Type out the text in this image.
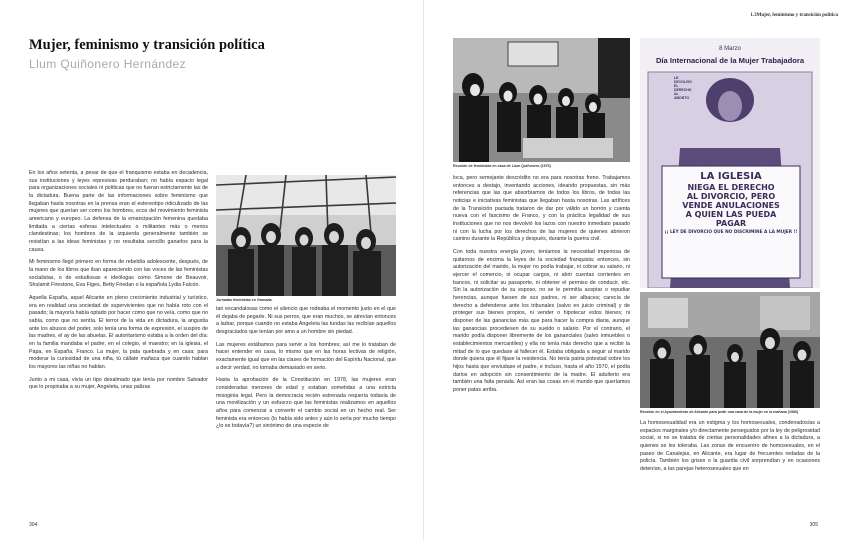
Mujer, feminismo y transición política
Llum Quiñonero Hernández

En los años setenta, a pesar de que el franquismo estaba en decadencia, sus instituciones y leyes represivas perduraban; no había espacio legal para organizaciones sociales ni políticas que no fueran estrictamente las de la dictadura. Buena parte de las informaciones sobre feminismo que llegaban hasta nosotras en la prensa eran el estereotipo ridiculizado de las mujeres que querían ser como los hombres, ecos del movimiento feminista americano y europeo. La defensa de la emancipación femenina quedaba limitada a ciertas esferas intelectuales o militantes más o menos clandestinas; los hombres de la izquierda generalmente también se resistían a las ideas feministas y no resultaba sencillo ganarlos para la causa.

Mi feminismo llegó primero en forma de rebeldía adolescente, después, de la mano de los libros que iban apareciendo con las voces de las feministas socialistas, o de estudiosas e ideólogas como Simone de Beauvoir, Shulamit Firestone, Eva Figes, Betty Friedan o la española Lydia Falcón.

Aquella España, aquel Alicante en pleno crecimiento industrial y turístico, era en realidad una sociedad de supervivientes que no había roto con el pasado; la mayoría había optado por hacer como que no veía, como que no sabía, como que no sentía. El terror de la vida en dictadura, la angustia ante los abusos del poder, solo tenía una forma de expresión, el suspiro de las madres, el ay de las abuelas. El autoritarismo estaba a la orden del día: en la familia mandaba el padre; en el colegio, el maestro; en la iglesia, el Papa, en España, Franco. La mujer, la pata quebrada y en casa; para moderar la curiosidad de una niña, tú cállate mañaca que cuando hablan los mayores las niñas no hablan.

Junto a mi casa, vivía un tipo desalmado que tenía por nombre Salvador que lo propinaba a su mujer, Angeleta, unas palizas

Jornadas feministas en Granada.

tan escandalosas como el silencio que rodeaba el momento justo en el que él dejaba de pegarle. Ni sus perros, que eran muchos, se atrevían entonces a ladrar, porque cuando no estaba Angeleta las tundas las recibían aquellos desgraciados que tenían por amo a un hombre sin piedad.

Las mujeres estábamos para servir a los hombres; así me lo trataban de hacer entender en casa, lo mismo que en las horas lectivas de religión, exactamente igual que en las clases de formación del Espíritu Nacional, que a decir verdad, no tomaba demasiado en serio.

Hasta la aprobación de la Constitución en 1978, las mujeres eran consideradas menores de edad y estaban sometidas a una estricta misoginia legal. Pero la democracia recién estrenada requería todavía de una movilización y un esfuerzo que las feministas realizamos en aquellos años para comenzar a convertir el cambio social en un hecho real. Ser feminista era entonces (lo había sido antes y aún lo sería por mucho tiempo ¿lo es todavía?) un sinónimo de una especie de

304
1.3Mujer, feminismo y transición política
Reunión de feministas en casa de Llum Quiñonero (1976)
8 Marzo
Día Internacional de la Mujer Trabajadora
LE DEVOLVIÓ EL DERECHO AL ABORTO
LA IGLESIA
NIEGA EL DERECHO
AL DIVORCIO, PERO
VENDE ANULACIONES
A QUIEN LAS PUEDA
PAGAR
¡¡ LEY DE DIVORCIO QUE NO DISCRIMINE A LA MUJER !!

loca, pero semejante descrédito no era para nosotras freno. Trabajamos entonces a destajo, inventando acciones, ideando propuestas, sin más referencias que las que absorbíamos de todos los libros, de todas las noticias e iniciativas feministas que llegaban hasta nosotras. Las artífices de la Transición pactada trataron de dar por válido un borrón y cuenta nueva con el fascismo de Franco, y con la práctica legalidad de sus instituciones que no nos devolvió los lazos con nuestro inmediato pasado ni con la lucha por los derechos de las mujeres de quienes abrieron camino durante la República y después, durante la guerra civil.

Con toda nuestra energía joven, teníamos la necesidad imperiosa de quitarnos de encima la leyes de la sociedad franquista; entonces, sin autorización del marido, la mujer no podía trabajar, ni cobrar su salario, ni ejercer el comercio, ni ocupar cargos, ni abrir cuentas corrientes en bancos, ni solicitar su pasaporte, ni obtener el permiso de conducir, etc. Sin la autorización de su esposo, no se le permitía aceptar o repudiar herencias, aunque fuesen de sus padres, ni ser albacea; carecía de derecho a defenderse ante los tribunales (salvo en juicio criminal) y de proteger sus bienes propios, ni vender o hipotecar estos bienes; ni disponer de las ganancias más que para hacer la compra diaria, aunque las ganancias procediesen de su sueldo o salario. Por el contrario, el marido podía disponer libremente de los gananciales (salvo inmuebles o establecimientos mercantiles) y ella no tenía más derecho que a recibir la mitad de lo que quedase al fallecer él. Estaba obligada a seguir al marido donde quiera que él fijase la residencia. No tenía patria potestad sobre los hijos hasta que enviudase el padre, e incluso, hasta el año 1970, el podía darlos en adopción sin consentimiento de la madre. El adulterio era también una falta penada. Así eran las cosas en el mundo que queríamos poner patas arriba.

Reunión en el Ayuntamiento de Alicante para pedir una casa de la mujer en la mañana (1980)

La homosexualidad era un estigma y los homosexuales, condenados/as a espacios marginales y/o directamente perseguidos por la ley de peligrosidad social, si no se trataba de ciertas personalidades afines a la dictadura, a quienes se les toleraba. Las zonas de encuentro de homosexuales, en el paseo de Canalejas, en Alicante, era lugar de frecuentes redadas de la policía. También los grises o la guardia civil sorprendían y en ocasiones detenían, a las parejas heterosexuales que en

305
